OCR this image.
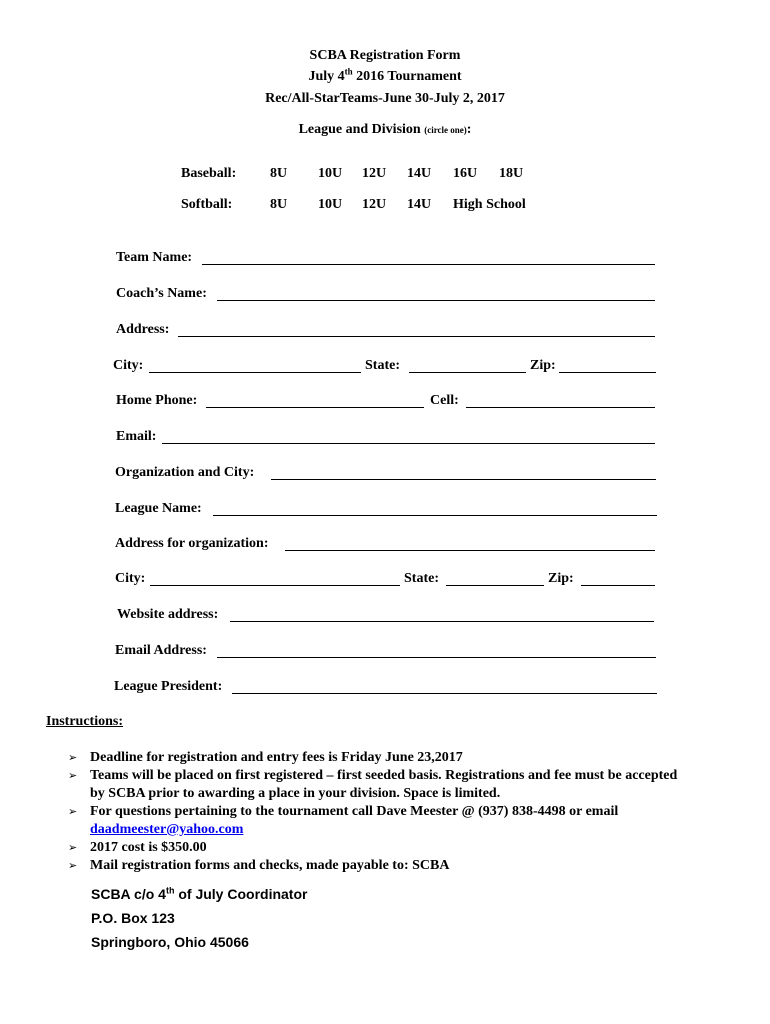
SCBA Registration Form
July 4th 2016 Tournament
Rec/All-StarTeams-June 30-July 2, 2017
League and Division (circle one):
Baseball: 8U 10U 12U 14U 16U 18U
Softball:	8U 10U 12U 14U High School
Team Name:
Coach’s Name:
Address:
City:	State:	Zip:
Home Phone:	Cell:
Email:
Organization and City:
League Name:
Address for organization:
City:	State:	Zip:
Website address:
Email Address:
League President:
Instructions:
➢ Deadline for registration and entry fees is Friday June 23,2017
➢ Teams will be placed on first registered – first seeded basis. Registrations and fee must be accepted by SCBA prior to awarding a place in your division. Space is limited.
➢ For questions pertaining to the tournament call Dave Meester @ (937) 838-4498 or email
daadmeester@yahoo.com
➢ 2017 cost is $350.00
➢ Mail registration forms and checks, made payable to: SCBA
SCBA c/o 4th of July Coordinator
P.O. Box 123
Springboro, Ohio 45066
